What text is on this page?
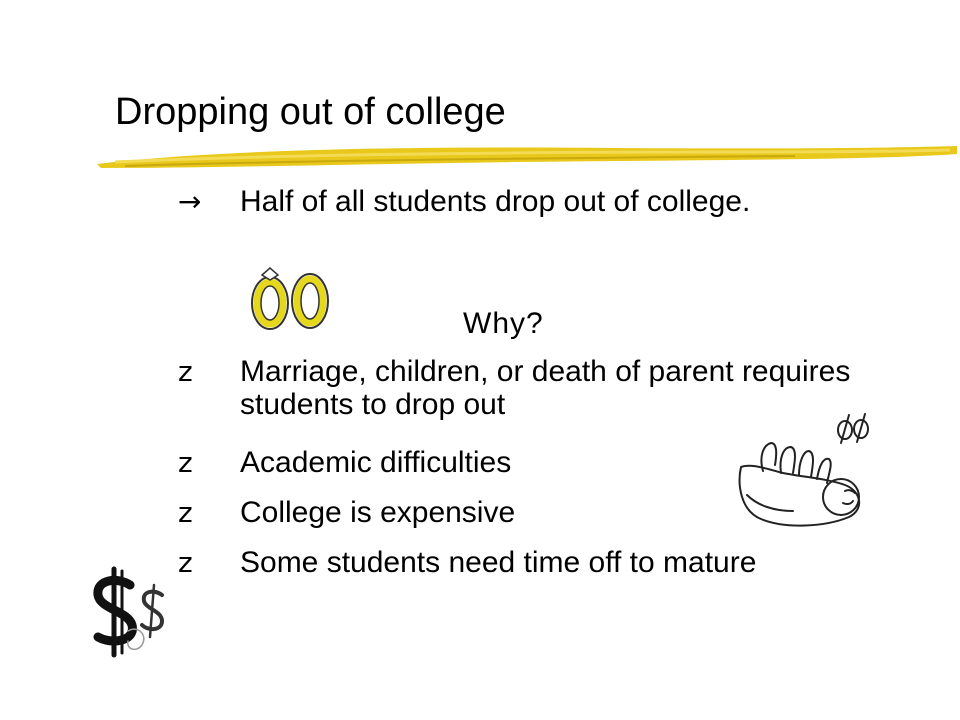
Dropping out of college
→	Half of all students drop out of college.
Why?
z	Marriage, children, or death of parent requires students to drop out
z	Academic difficulties
z	College is expensive
z	Some students need time off to mature
